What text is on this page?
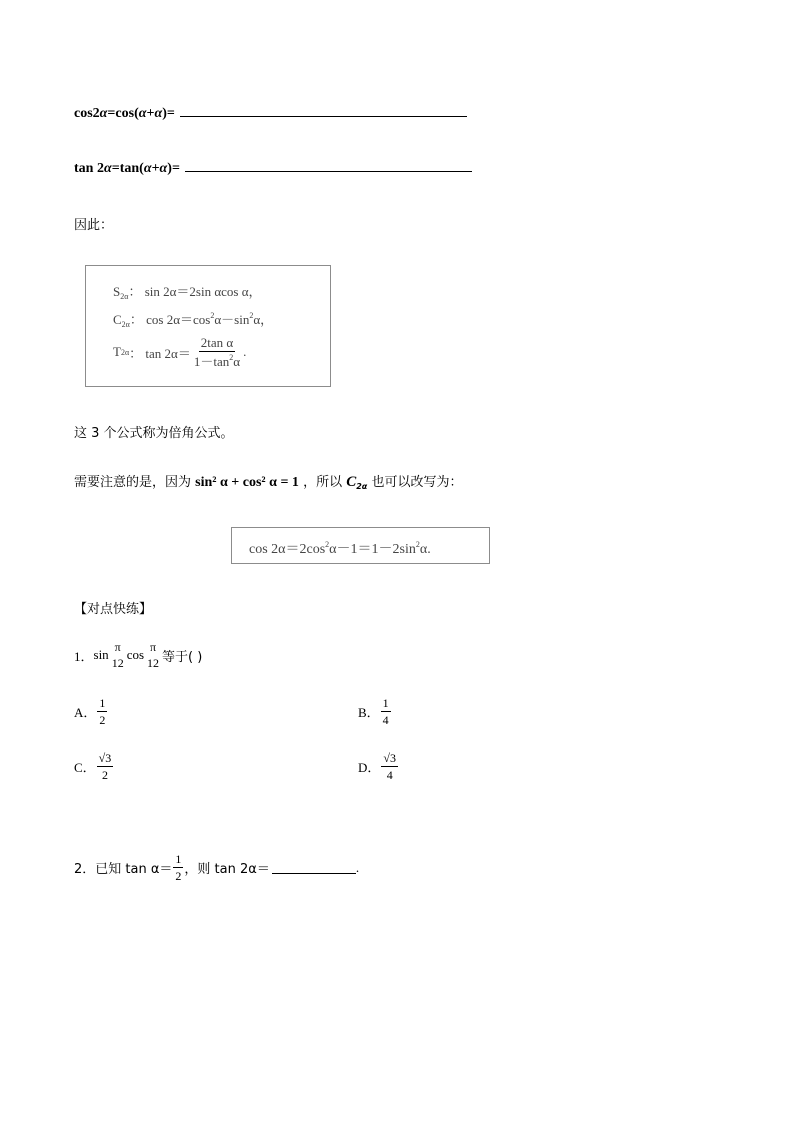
cos2α=cos(α+α)=
tan 2α=tan(α+α)=
因此：
$S_{2\alpha}$： sin 2α＝2sin αcos α，
$C_{2\alpha}$： $\cos 2\alpha=\cos^2\alpha-\sin^2\alpha$，
T 2α ： $\tan 2\alpha= \frac{\text{2tan α}}{1-\tan^2\alpha}$ .
这 3 个公式称为倍角公式。
需要注意的是，因为 sin² α + cos² α = 1 ，所以 $C_{2\alpha}$ 也可以改写为：
$\cos 2\alpha=2\cos^2\alpha-1=1-2\sin^2\alpha$.
【对点快练】
1． sin π
12
cos π
12 等于( )
A． $\frac{1}{2}$	B． $\frac{1}{4}$
C． $\frac{√3}{2}$	D． $\frac{√3}{4}$
2．已知 $\tan \alpha= \frac{1}{2}$ ，则 tan 2α＝	.
